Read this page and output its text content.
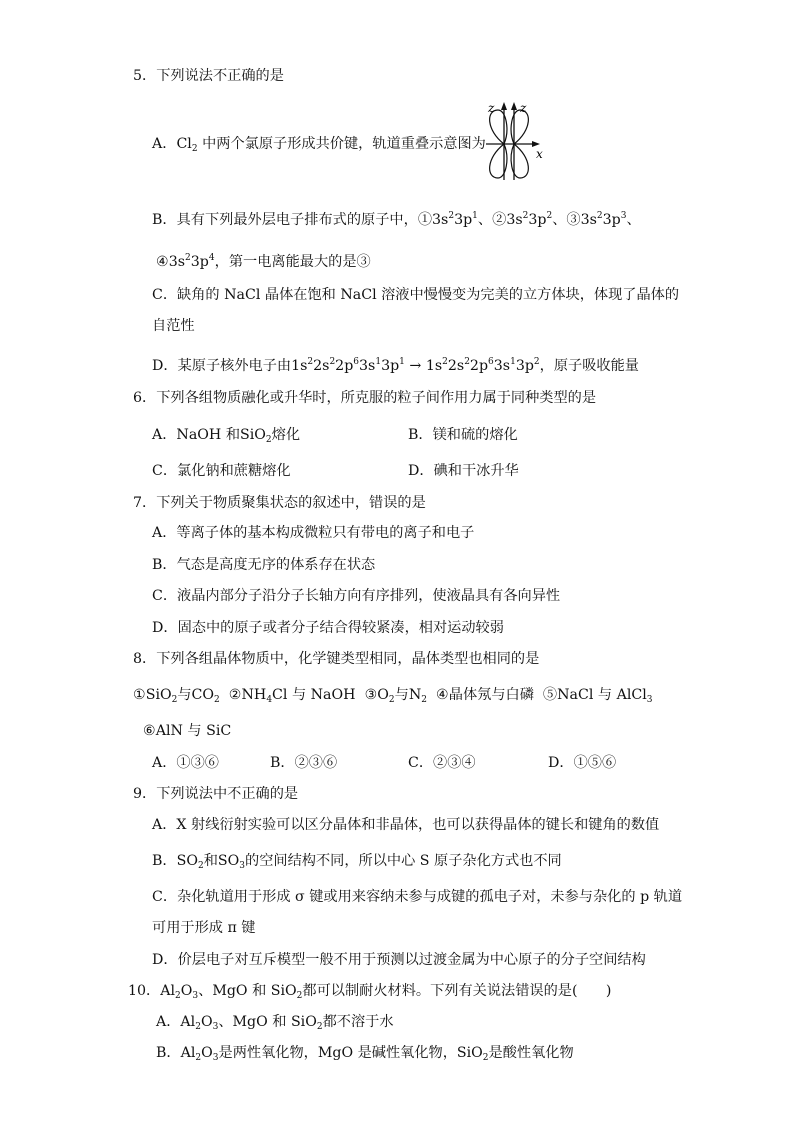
5．下列说法不正确的是
A．$Cl_2$ 中两个氯原子形成共价键，轨道重叠示意图为
z z
x
B．具有下列最外层电子排布式的原子中，$①3s^23p^1$、$②3s^23p^2$、$③3s^23p^3$、
$④3s^23p^4$，第一电离能最大的是③
C．缺角的 NaCl 晶体在饱和 NaCl 溶液中慢慢变为完美的立方体块，体现了晶体的
自范性
D．某原子核外电子由$1s^22s^22p^63s^13p^1 \to 1s^22s^22p^63s^13p^2$，原子吸收能量
6．下列各组物质融化或升华时，所克服的粒子间作用力属于同种类型的是
A．NaOH 和SiO$_2$熔化	B．镁和硫的熔化
C．氯化钠和蔗糖熔化	D．碘和干冰升华
7．下列关于物质聚集状态的叙述中，错误的是
A．等离子体的基本构成微粒只有带电的离子和电子
B．气态是高度无序的体系存在状态
C．液晶内部分子沿分子长轴方向有序排列，使液晶具有各向异性
D．固态中的原子或者分子结合得较紧凑，相对运动较弱
8．下列各组晶体物质中，化学键类型相同，晶体类型也相同的是
①SiO$_2$与$CO_2$ $②NH_4Cl$ 与 NaOH $③O_2$与$N_2$ ④晶体氖与白磷 ⑤NaCl 与 AlCl$_3$
⑥AlN 与 SiC
A．①③⑥	B．②③⑥	C．②③④	D．①⑤⑥
9．下列说法中不正确的是
A．X 射线衍射实验可以区分晶体和非晶体，也可以获得晶体的键长和键角的数值
B．$SO_2$和$SO_3$的空间结构不同，所以中心 S 原子杂化方式也不同
C．杂化轨道用于形成 σ 键或用来容纳未参与成键的孤电子对，未参与杂化的 p 轨道
可用于形成 π 键
D．价层电子对互斥模型一般不用于预测以过渡金属为中心原子的分子空间结构
10．$Al_2O_3$、MgO 和 SiO$_2$都可以制耐火材料。下列有关说法错误的是(　　)
A．$Al_2O_3$、MgO 和 SiO$_2$都不溶于水
B．$Al_2O_3$是两性氧化物，MgO 是碱性氧化物，SiO$_2$是酸性氧化物
